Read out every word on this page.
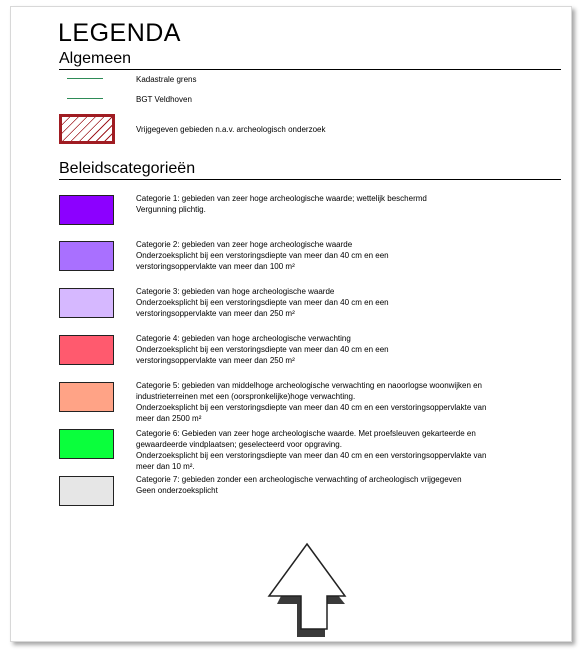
LEGENDA
Algemeen
Kadastrale grens
BGT Veldhoven
Vrijgegeven gebieden n.a.v. archeologisch onderzoek
Beleidscategorieën
Categorie 1: gebieden van zeer hoge archeologische waarde; wettelijk beschermd
Vergunning plichtig.
Categorie 2: gebieden van zeer hoge archeologische waarde
Onderzoeksplicht bij een verstoringsdiepte van meer dan 40 cm en een
verstoringsoppervlakte van meer dan 100 m²
Categorie 3: gebieden van hoge archeologische waarde
Onderzoeksplicht bij een verstoringsdiepte van meer dan 40 cm en een
verstoringsoppervlakte van meer dan 250 m²
Categorie 4: gebieden van hoge archeologische verwachting
Onderzoeksplicht bij een verstoringsdiepte van meer dan 40 cm en een
verstoringsoppervlakte van meer dan 250 m²
Categorie 5: gebieden van middelhoge archeologische verwachting en naoorlogse woonwijken en
industrieterreinen met een (oorspronkelijke)hoge verwachting.
Onderzoeksplicht bij een verstoringsdiepte van meer dan 40 cm en een verstoringsoppervlakte van
meer dan 2500 m²
Categorie 6: Gebieden van zeer hoge archeologische waarde. Met proefsleuven gekarteerde en
gewaardeerde vindplaatsen; geselecteerd voor opgraving.
Onderzoeksplicht bij een verstoringsdiepte van meer dan 40 cm en een verstoringsoppervlakte van
meer dan 10 m².
Categorie 7: gebieden zonder een archeologische verwachting of archeologisch vrijgegeven
Geen onderzoeksplicht
